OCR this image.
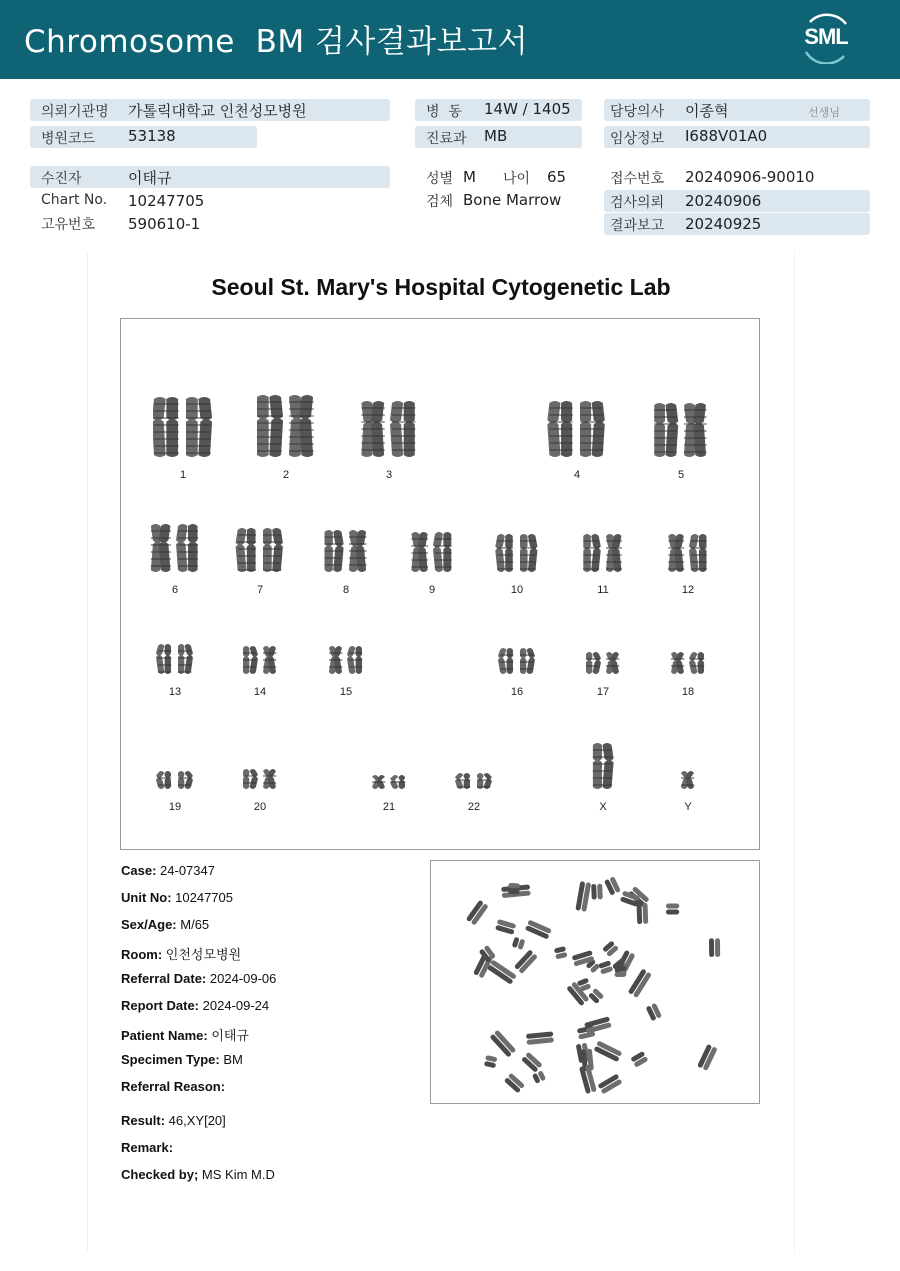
Chromosome  BM 검사결과보고서	SML
의뢰기관명 가톨릭대학교 인천성모병원
병원코드 53138
병  동 14W / 1405
진료과 MB
담당의사 이종혁	선생님
임상정보 I688V01A0
수진자	이태규
Chart No. 10247705
고유번호 590610-1
성별 M 나이 65
검체 Bone Marrow
접수번호 20240906-90010
검사의뢰 20240906
결과보고 20240925
Seoul St. Mary's Hospital Cytogenetic Lab
1	2	3	4	5
6	7	8	9	10	11	12
13	14	15	16	17	18
19	20	21	22	X	Y
Case: 24-07347
Unit No: 10247705
Sex/Age: M/65
Room: 인천성모병원
Referral Date: 2024-09-06
Report Date: 2024-09-24
Patient Name: 이태규
Specimen Type: BM
Referral Reason:
Result: 46,XY[20]
Remark:
Checked by; MS Kim M.D
